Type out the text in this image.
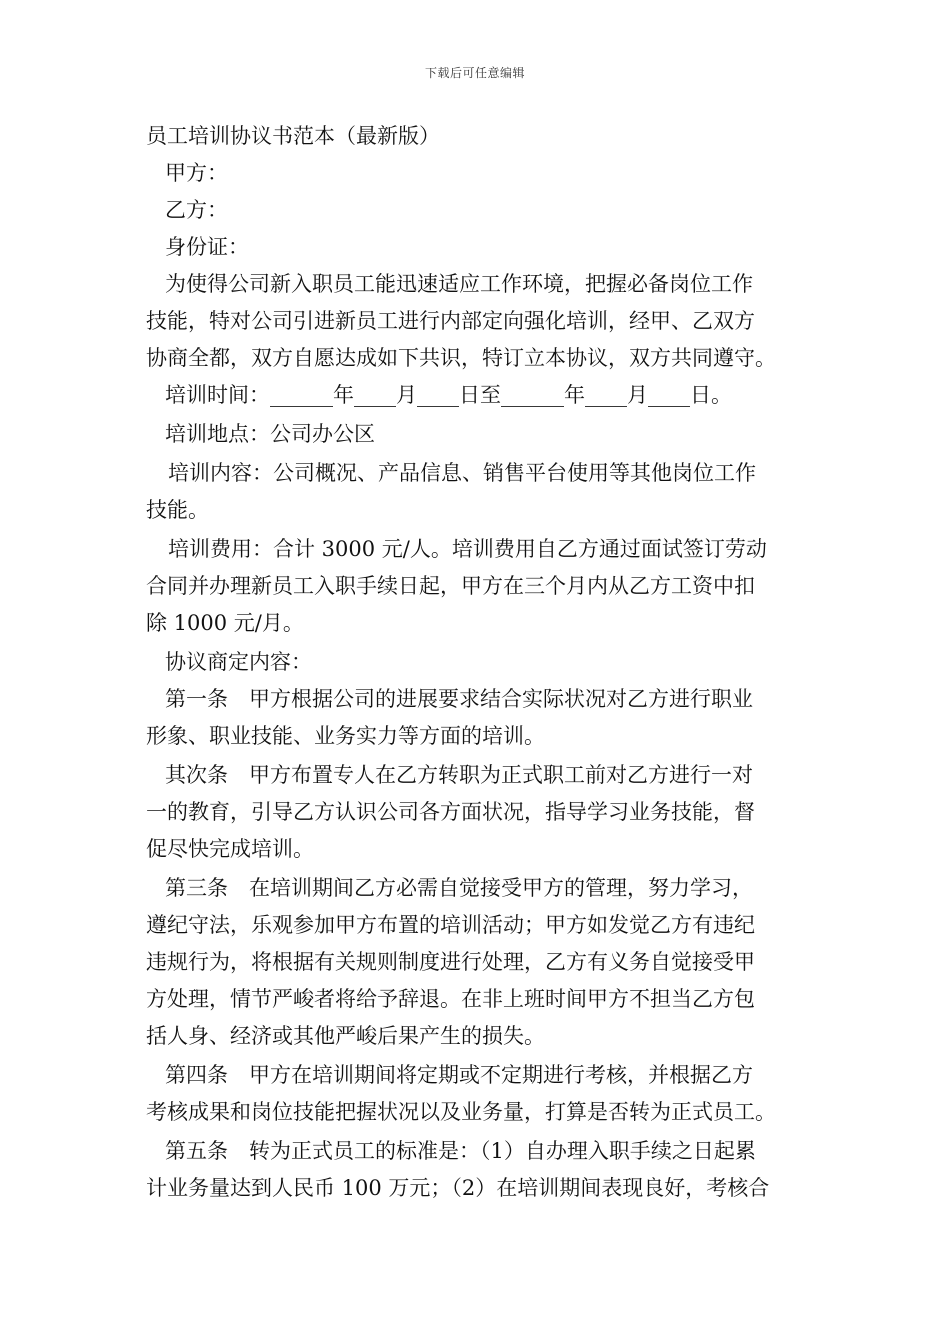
下载后可任意编辑
员工培训协议书范本（最新版）
甲方：
乙方：
身份证：
为使得公司新入职员工能迅速适应工作环境，把握必备岗位工作
技能，特对公司引进新员工进行内部定向强化培训，经甲、乙双方
协商全都，双方自愿达成如下共识，特订立本协议，双方共同遵守。
培训时间：______年____月____日至______年____月____日。
培训地点：公司办公区
培训内容：公司概况、产品信息、销售平台使用等其他岗位工作
技能。
培训费用：合计 3000 元/人。培训费用自乙方通过面试签订劳动
合同并办理新员工入职手续日起，甲方在三个月内从乙方工资中扣
除 1000 元/月。
协议商定内容：
第一条　甲方根据公司的进展要求结合实际状况对乙方进行职业
形象、职业技能、业务实力等方面的培训。
其次条　甲方布置专人在乙方转职为正式职工前对乙方进行一对
一的教育，引导乙方认识公司各方面状况，指导学习业务技能，督
促尽快完成培训。
第三条　在培训期间乙方必需自觉接受甲方的管理，努力学习，
遵纪守法，乐观参加甲方布置的培训活动；甲方如发觉乙方有违纪
违规行为，将根据有关规则制度进行处理，乙方有义务自觉接受甲
方处理，情节严峻者将给予辞退。在非上班时间甲方不担当乙方包
括人身、经济或其他严峻后果产生的损失。
第四条　甲方在培训期间将定期或不定期进行考核，并根据乙方
考核成果和岗位技能把握状况以及业务量，打算是否转为正式员工。
第五条　转为正式员工的标准是：（1）自办理入职手续之日起累
计业务量达到人民币 100 万元；（2）在培训期间表现良好，考核合
